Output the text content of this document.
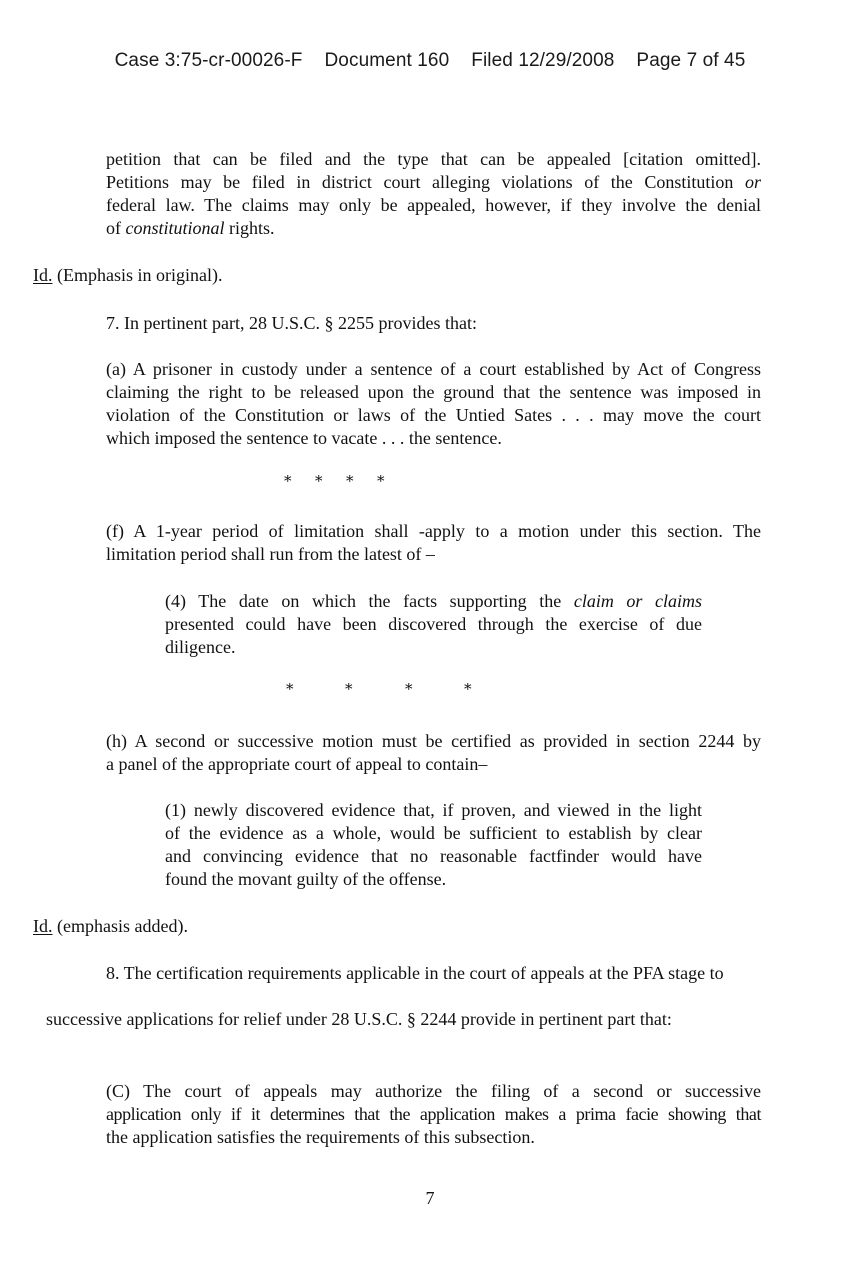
Case 3:75-cr-00026-F Document 160 Filed 12/29/2008 Page 7 of 45
petition that can be filed and the type that can be appealed [citation omitted].
Petitions may be filed in district court alleging violations of the Constitution or
federal law. The claims may only be appealed, however, if they involve the denial
of constitutional rights.
Id. (Emphasis in original).
7. In pertinent part, 28 U.S.C. § 2255 provides that:
(a) A prisoner in custody under a sentence of a court established by Act of Congress
claiming the right to be released upon the ground that the sentence was imposed in
violation of the Constitution or laws of the Untied Sates . . . may move the court
which imposed the sentence to vacate . . . the sentence.
* * * *
(f) A 1-year period of limitation shall -apply to a motion under this section. The
limitation period shall run from the latest of –
(4) The date on which the facts supporting the claim or claims
presented could have been discovered through the exercise of due
diligence.
*	*	*	*
(h) A second or successive motion must be certified as provided in section 2244 by
a panel of the appropriate court of appeal to contain–
(1) newly discovered evidence that, if proven, and viewed in the light
of the evidence as a whole, would be sufficient to establish by clear
and convincing evidence that no reasonable factfinder would have
found the movant guilty of the offense.
Id. (emphasis added).
8. The certification requirements applicable in the court of appeals at the PFA stage to
successive applications for relief under 28 U.S.C. § 2244 provide in pertinent part that:
(C) The court of appeals may authorize the filing of a second or successive
application only if it determines that the application makes a prima facie showing that
the application satisfies the requirements of this subsection.
7
